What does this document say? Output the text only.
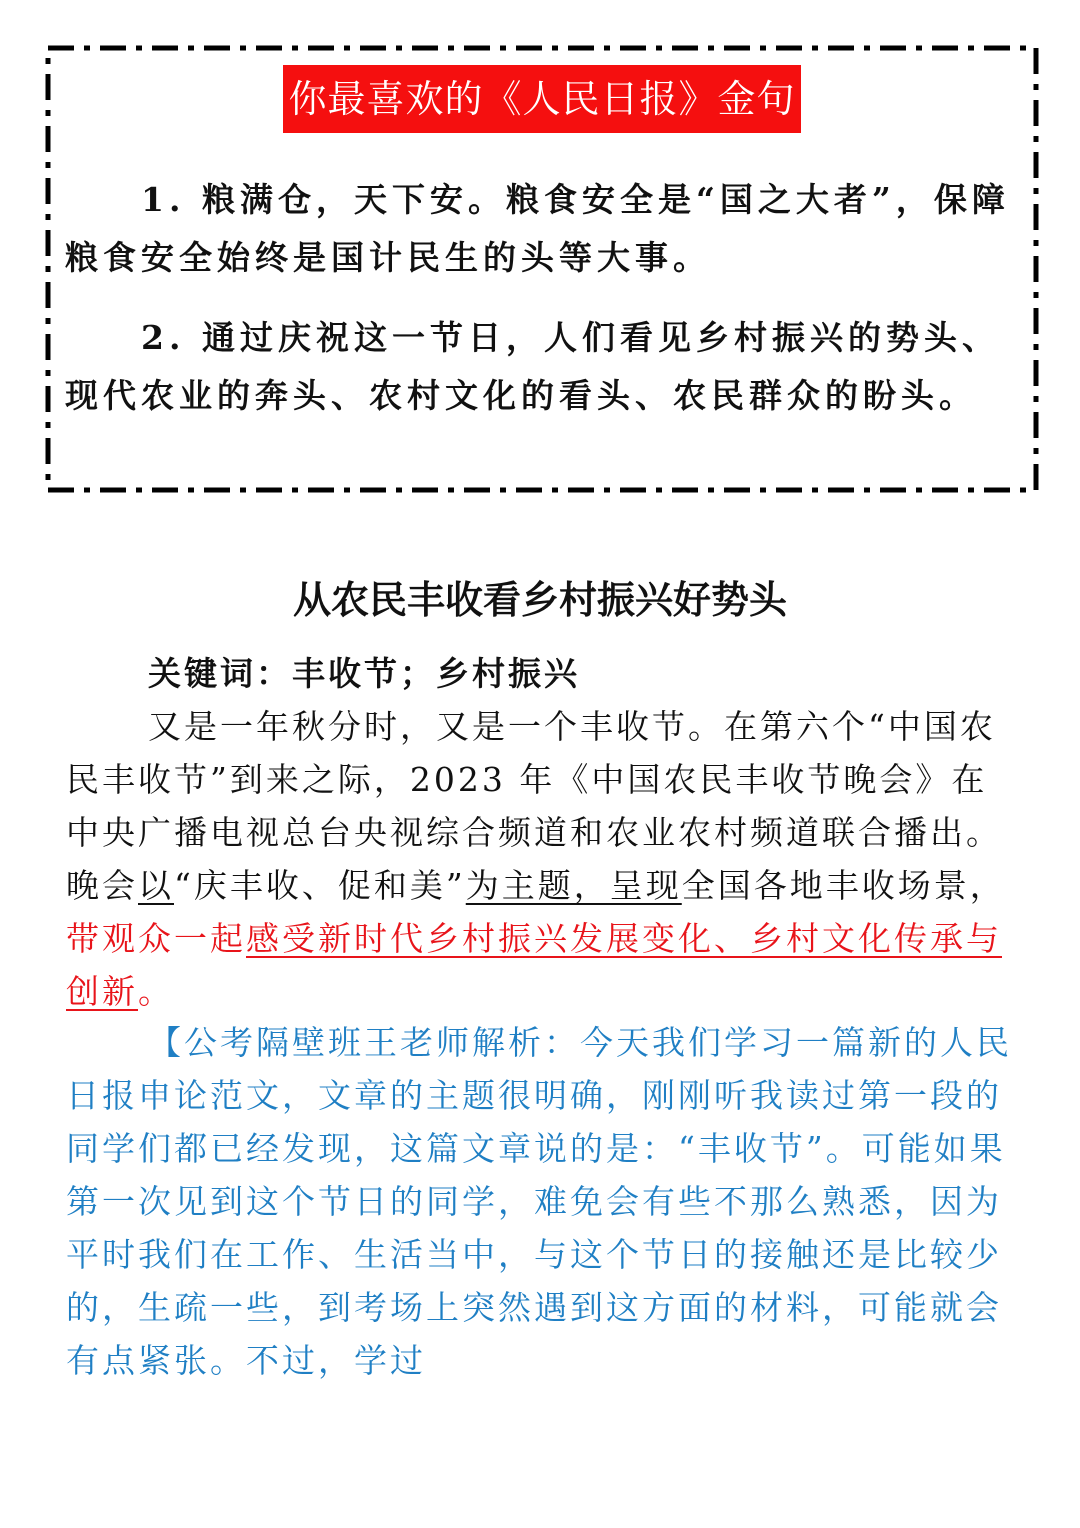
你最喜欢的《人民日报》金句

1. 粮满仓，天下安。粮食安全是“国之大者”，保障粮食安全始终是国计民生的头等大事。

2. 通过庆祝这一节日，人们看见乡村振兴的势头、现代农业的奔头、农村文化的看头、农民群众的盼头。

从农民丰收看乡村振兴好势头
关键词：丰收节；乡村振兴

又是一年秋分时，又是一个丰收节。在第六个“中国农民丰收节”到来之际，2023 年《中国农民丰收节晚会》在中央广播电视总台央视综合频道和农业农村频道联合播出。晚会以“庆丰收、促和美”为主题，呈现全国各地丰收场景，带观众一起感受新时代乡村振兴发展变化、乡村文化传承与创新。

【公考隔壁班王老师解析：今天我们学习一篇新的人民日报申论范文，文章的主题很明确，刚刚听我读过第一段的同学们都已经发现，这篇文章说的是：“丰收节”。可能如果第一次见到这个节日的同学，难免会有些不那么熟悉，因为平时我们在工作、生活当中，与这个节日的接触还是比较少的，生疏一些，到考场上突然遇到这方面的材料，可能就会有点紧张。不过，学过
